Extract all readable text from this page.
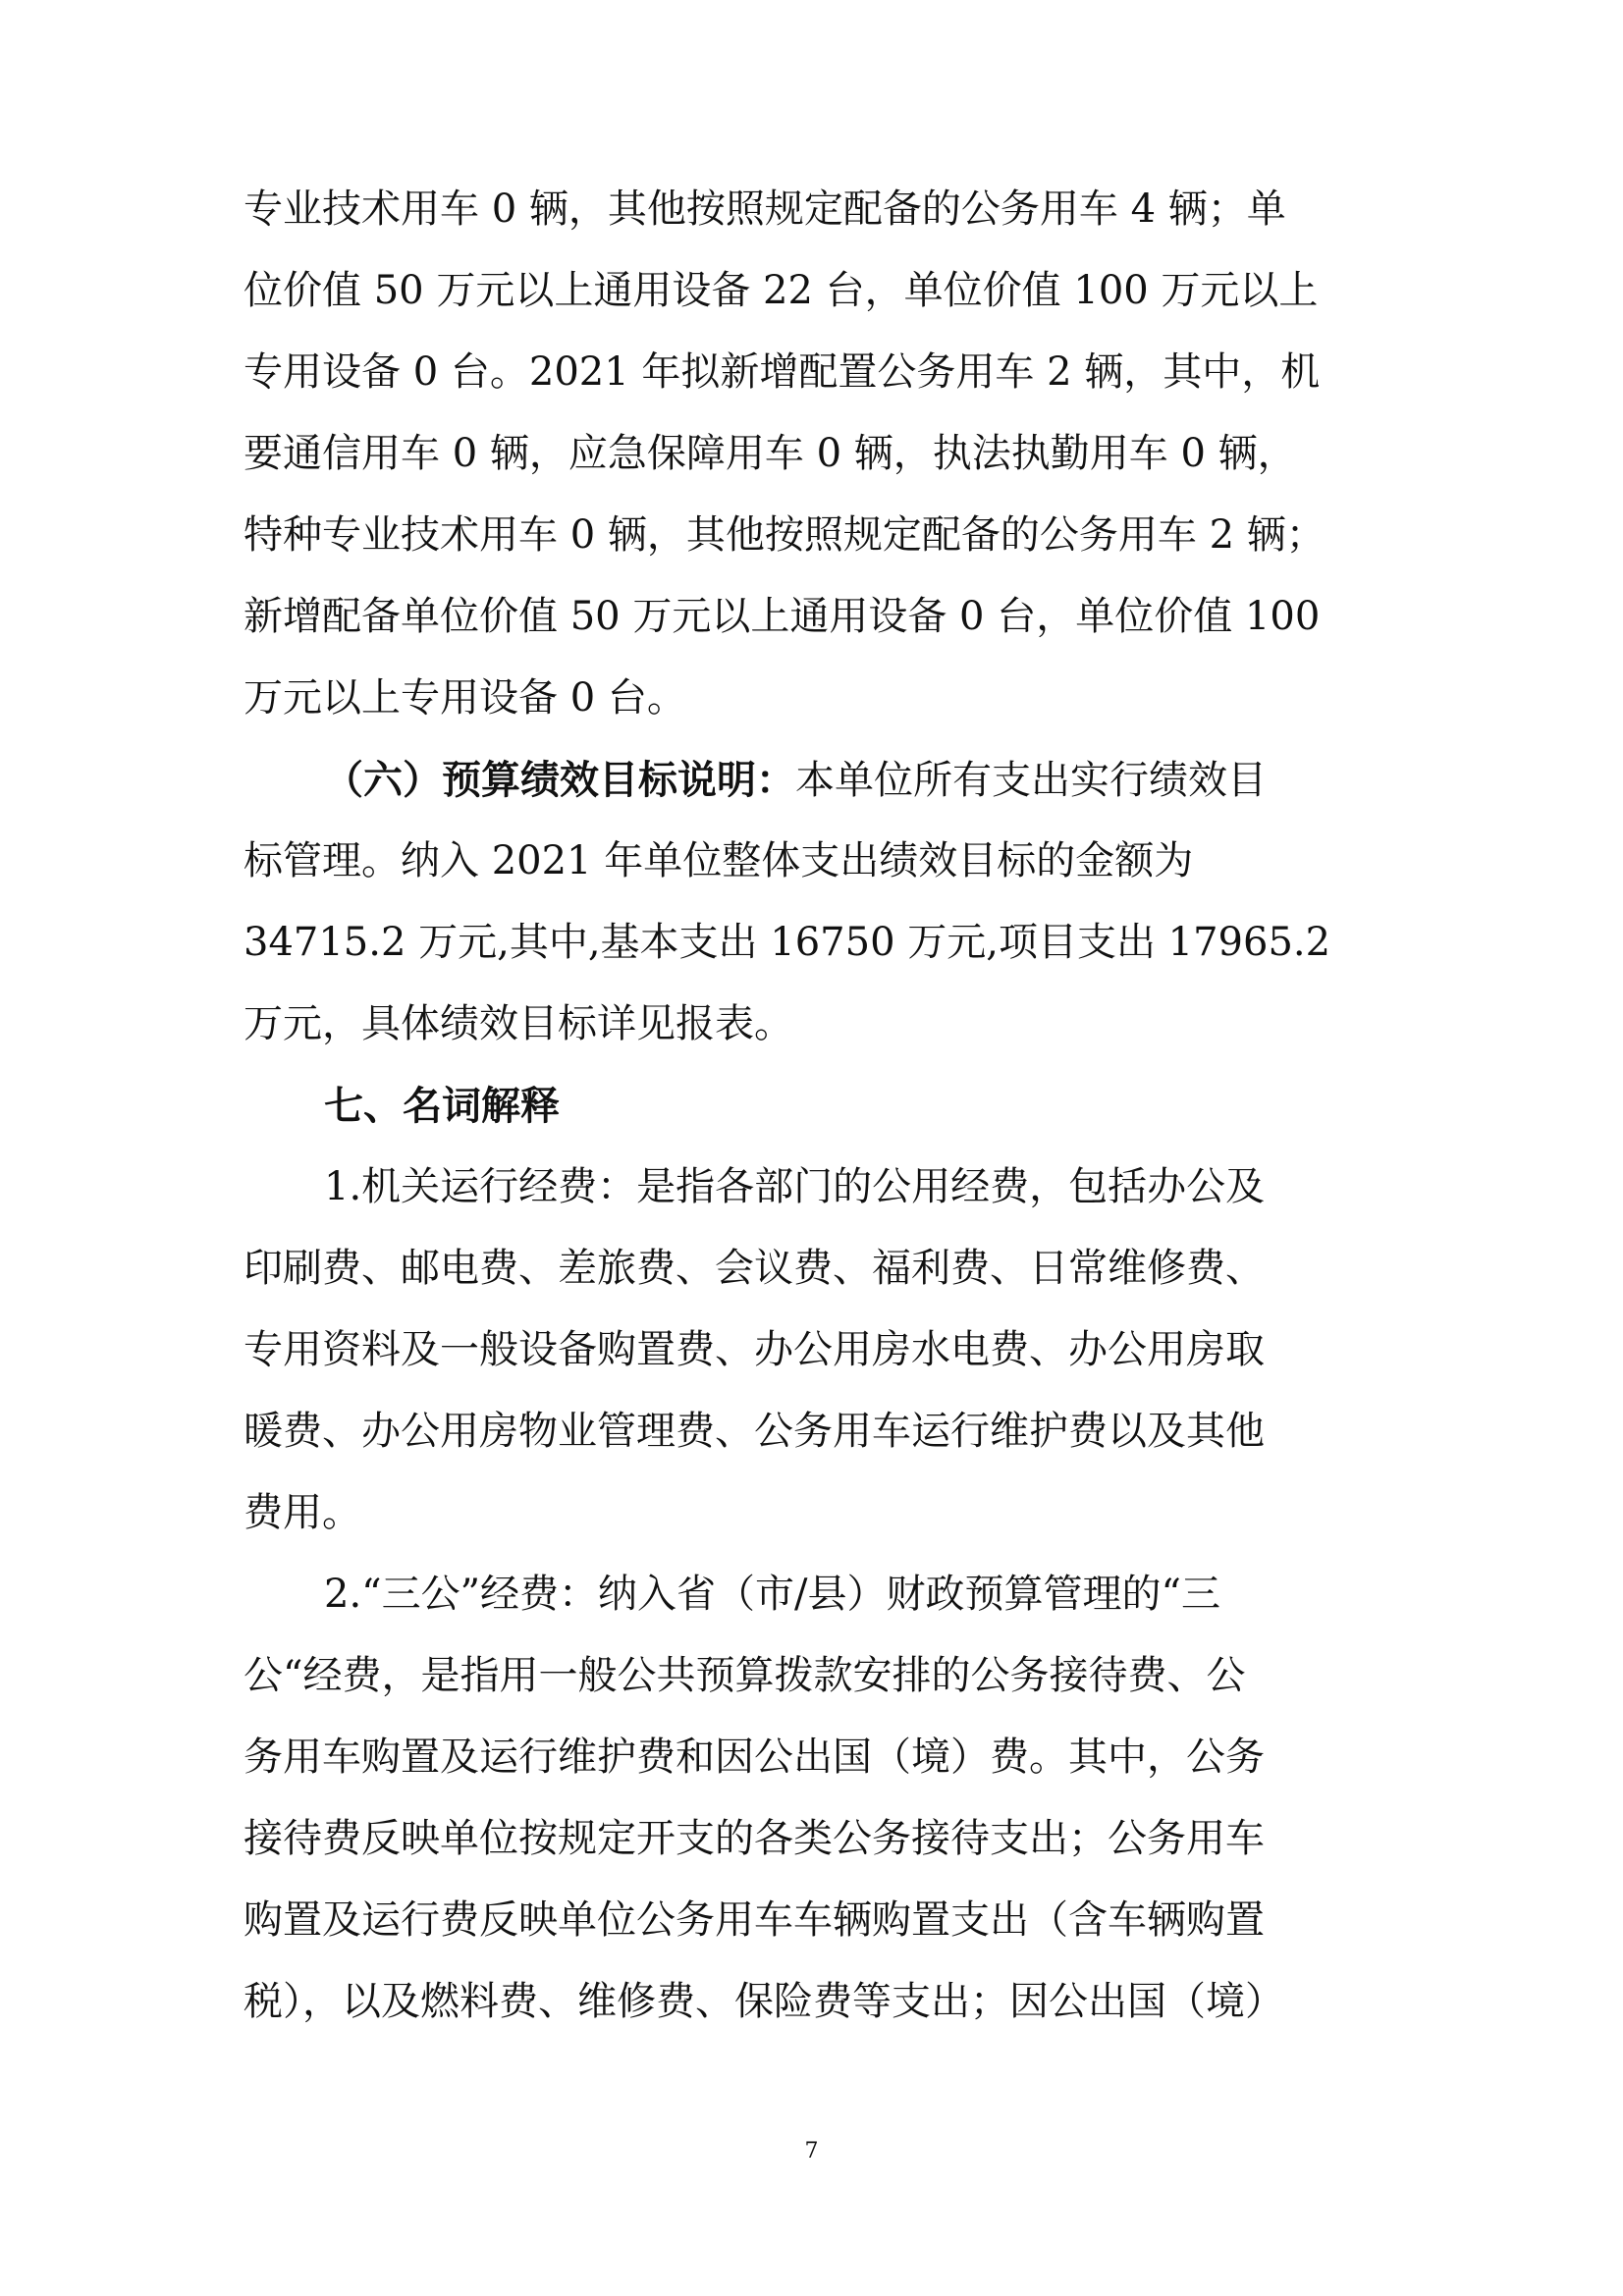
专业技术用车 0 辆，其他按照规定配备的公务用车 4 辆；单
位价值 50 万元以上通用设备 22 台，单位价值 100 万元以上
专用设备 0 台。2021 年拟新增配置公务用车 2 辆，其中，机
要通信用车 0 辆，应急保障用车 0 辆，执法执勤用车 0 辆，
特种专业技术用车 0 辆，其他按照规定配备的公务用车 2 辆；
新增配备单位价值 50 万元以上通用设备 0 台，单位价值 100
万元以上专用设备 0 台。
（六）预算绩效目标说明：本单位所有支出实行绩效目
标管理。纳入 2021 年单位整体支出绩效目标的金额为
34715.2 万元,其中,基本支出 16750 万元,项目支出 17965.2
万元，具体绩效目标详见报表。
七、名词解释
1.机关运行经费：是指各部门的公用经费，包括办公及
印刷费、邮电费、差旅费、会议费、福利费、日常维修费、
专用资料及一般设备购置费、办公用房水电费、办公用房取
暖费、办公用房物业管理费、公务用车运行维护费以及其他
费用。
2.“三公”经费：纳入省（市/县）财政预算管理的“三
公“经费，是指用一般公共预算拨款安排的公务接待费、公
务用车购置及运行维护费和因公出国（境）费。其中，公务
接待费反映单位按规定开支的各类公务接待支出；公务用车
购置及运行费反映单位公务用车车辆购置支出（含车辆购置
税），以及燃料费、维修费、保险费等支出；因公出国（境）
7
